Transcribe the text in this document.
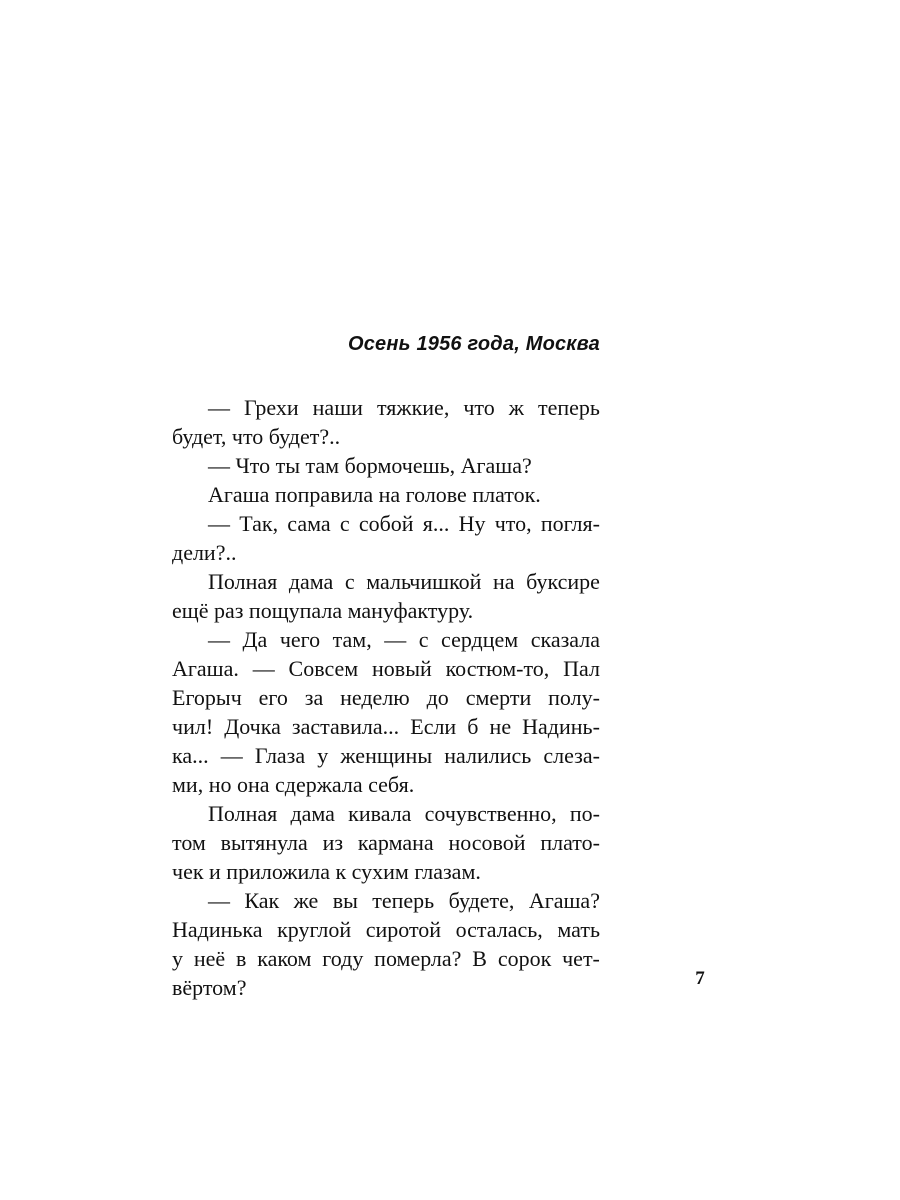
Осень 1956 года, Москва
— Грехи наши тяжкие, что ж теперь
будет, что будет?..
— Что ты там бормочешь, Агаша?
Агаша поправила на голове платок.
— Так, сама с собой я... Ну что, погля-
дели?..
Полная дама с мальчишкой на буксире
ещё раз пощупала мануфактуру.
— Да чего там, — с сердцем сказала
Агаша. — Совсем новый костюм-то, Пал
Егорыч его за неделю до смерти полу-
чил! Дочка заставила... Если б не Надинь-
ка... — Глаза у женщины налились слеза-
ми, но она сдержала себя.
Полная дама кивала сочувственно, по-
том вытянула из кармана носовой плато-
чек и приложила к сухим глазам.
— Как же вы теперь будете, Агаша?
Надинька круглой сиротой осталась, мать
у неё в каком году померла? В сорок чет-
вёртом?	7
